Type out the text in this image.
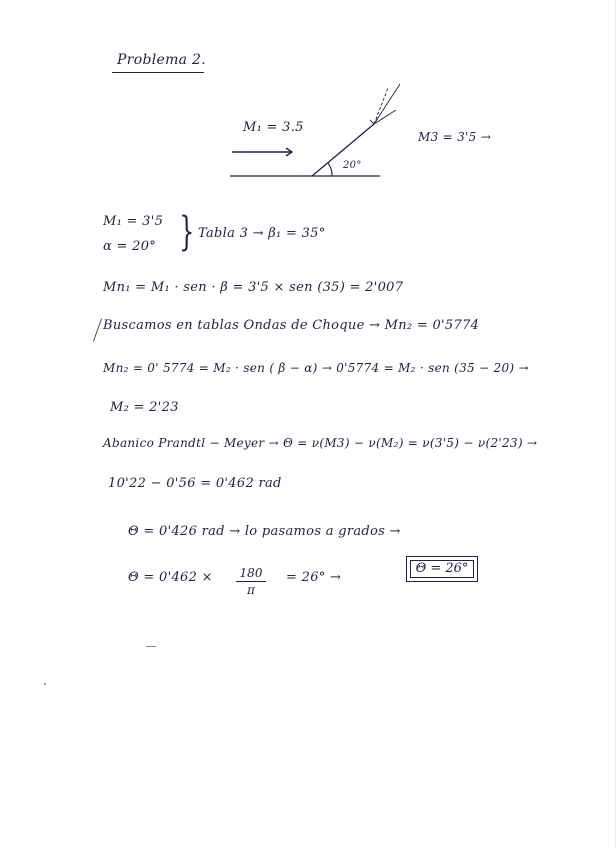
Problema 2.
M₁ = 3.5
M3 = 3'5 →
20°
M₁ = 3'5
α = 20° } Tabla 3 → β₁ = 35°
Mn₁ = M₁ · sen · β = 3'5 × sen (35) = 2'007
Buscamos en tablas Ondas de Choque → Mn₂ = 0'5774
Mn₂ = 0' 5774 = M₂ · sen ( β − α) → 0'5774 = M₂ · sen (35 − 20) →
M₂ = 2'23
Abanico Prandtl − Meyer → Θ = ν(M3) − ν(M₂) = ν(3'5) − ν(2'23) →
10'22 − 0'56 = 0'462 rad
Θ = 0'426 rad → lo pasamos a grados →
Θ = 0'462 × 180
π
= 26° →
Θ = 26°
